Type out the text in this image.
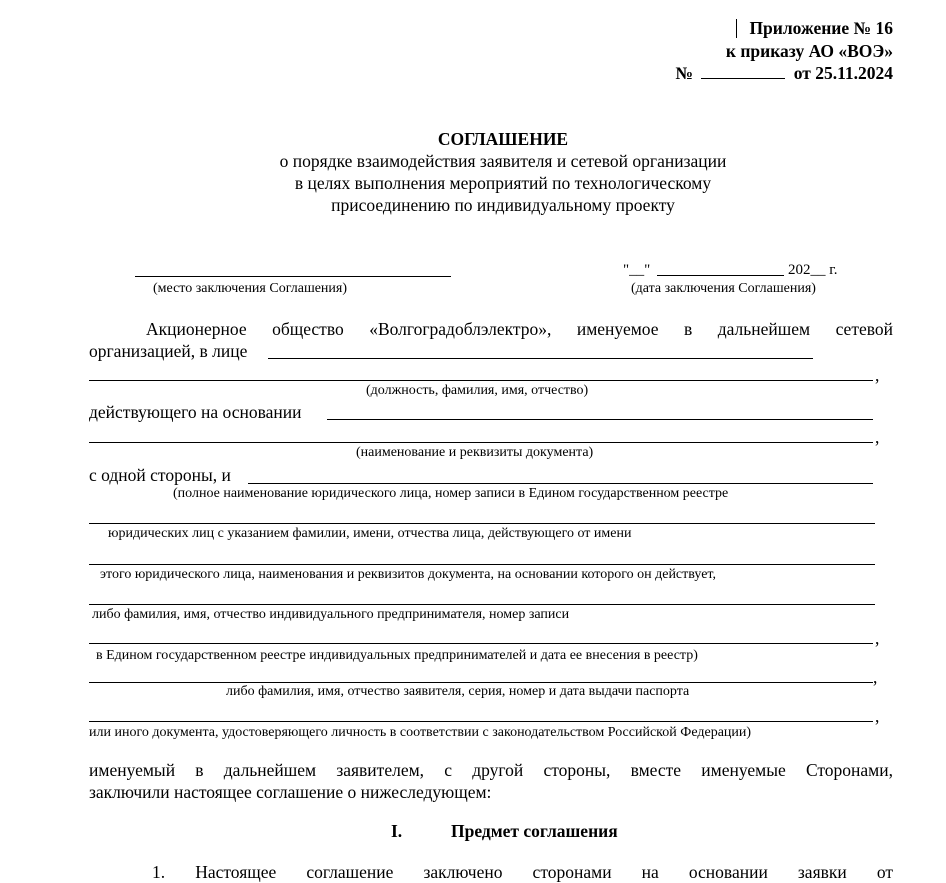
Приложение № 16
к приказу АО «ВОЭ»
№	от 25.11.2024
СОГЛАШЕНИЕ
о порядке взаимодействия заявителя и сетевой организации
в целях выполнения мероприятий по технологическому
присоединению по индивидуальному проекту
(место заключения Соглашения)
"__"	202__ г.
(дата заключения Соглашения)
Акционерное общество «Волгоградоблэлектро», именуемое в дальнейшем сетевой
организацией, в лице
,
(должность, фамилия, имя, отчество)
действующего на основании
,
(наименование и реквизиты документа)
с одной стороны, и
(полное наименование юридического лица, номер записи в Едином государственном реестре
юридических лиц с указанием фамилии, имени, отчества лица, действующего от имени
этого юридического лица, наименования и реквизитов документа, на основании которого он действует,
либо фамилия, имя, отчество индивидуального предпринимателя, номер записи
,
в Едином государственном реестре индивидуальных предпринимателей и дата ее внесения в реестр)
,
либо фамилия, имя, отчество заявителя, серия, номер и дата выдачи паспорта
,
или иного документа, удостоверяющего личность в соответствии с законодательством Российской Федерации)
именуемый в дальнейшем заявителем, с другой стороны, вместе именуемые Сторонами,
заключили настоящее соглашение о нижеследующем:
I.	Предмет соглашения
1. Настоящее соглашение заключено сторонами на основании заявки от
